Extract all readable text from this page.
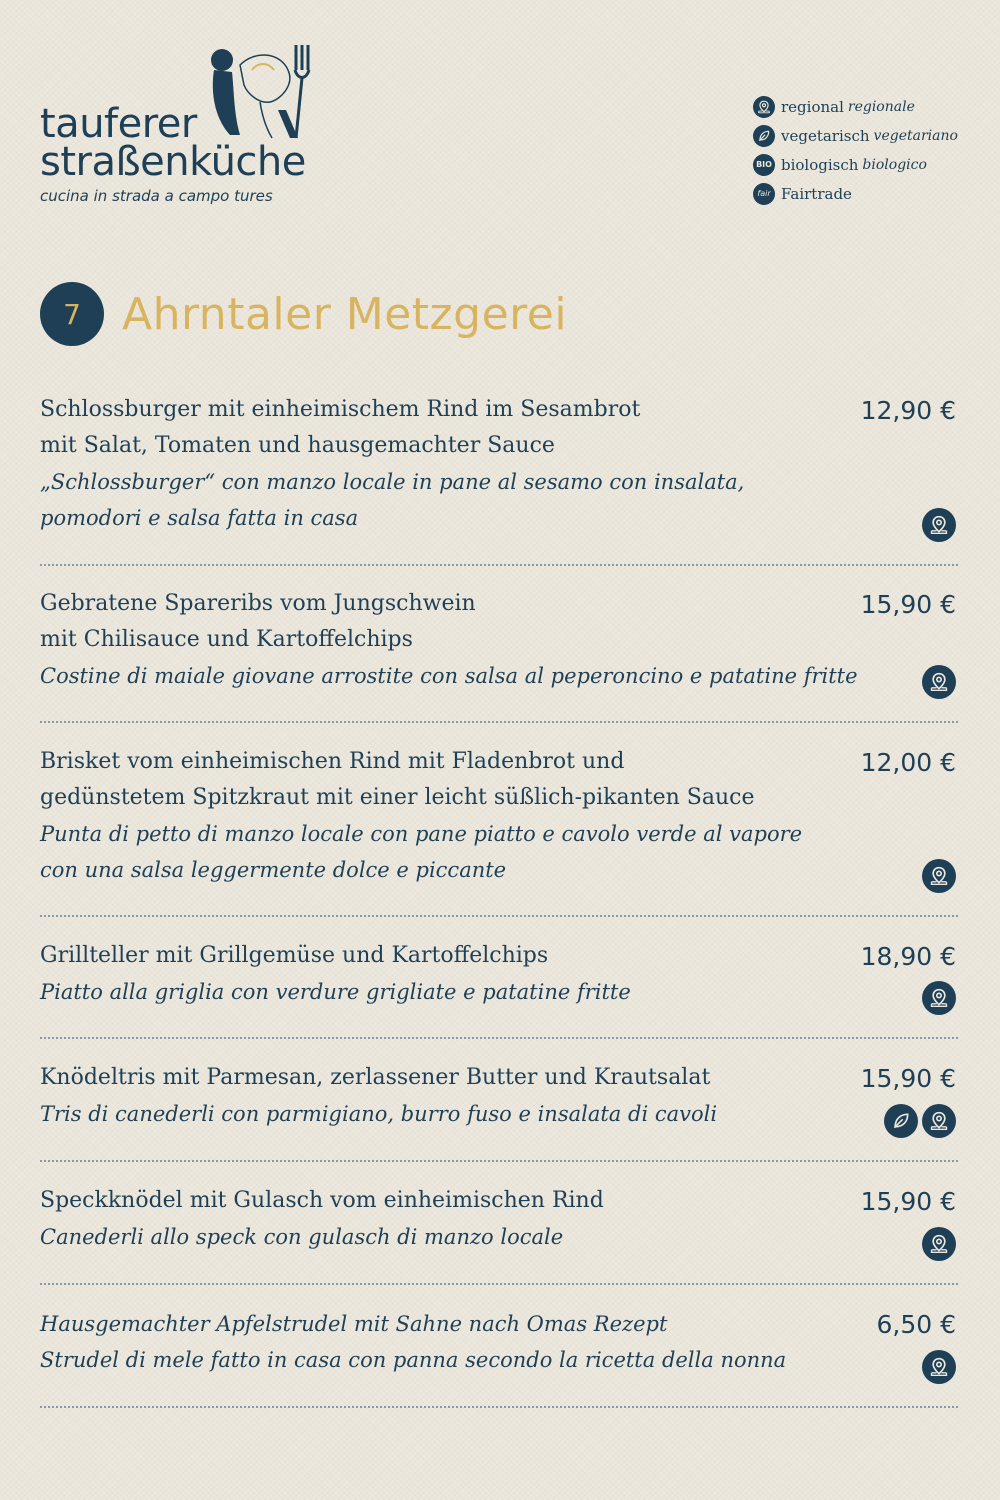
tauferer
straßenküche
cucina in strada a campo tures
regional regionale
vegetarisch vegetariano
BIO biologisch biologico
fair Fairtrade
7 Ahrntaler Metzgerei
Schlossburger mit einheimischem Rind im Sesambrot
mit Salat, Tomaten und hausgemachter Sauce
„Schlossburger“ con manzo locale in pane al sesamo con insalata,
pomodori e salsa fatta in casa
12,90 €
Gebratene Spareribs vom Jungschwein
mit Chilisauce und Kartoffelchips
Costine di maiale giovane arrostite con salsa al peperoncino e patatine fritte
15,90 €
Brisket vom einheimischen Rind mit Fladenbrot und
gedünstetem Spitzkraut mit einer leicht süßlich-pikanten Sauce
Punta di petto di manzo locale con pane piatto e cavolo verde al vapore
con una salsa leggermente dolce e piccante
12,00 €
Grillteller mit Grillgemüse und Kartoffelchips
Piatto alla griglia con verdure grigliate e patatine fritte
18,90 €
Knödeltris mit Parmesan, zerlassener Butter und Krautsalat
Tris di canederli con parmigiano, burro fuso e insalata di cavoli
15,90 €
Speckknödel mit Gulasch vom einheimischen Rind
Canederli allo speck con gulasch di manzo locale
15,90 €
Hausgemachter Apfelstrudel mit Sahne nach Omas Rezept
Strudel di mele fatto in casa con panna secondo la ricetta della nonna
6,50 €
